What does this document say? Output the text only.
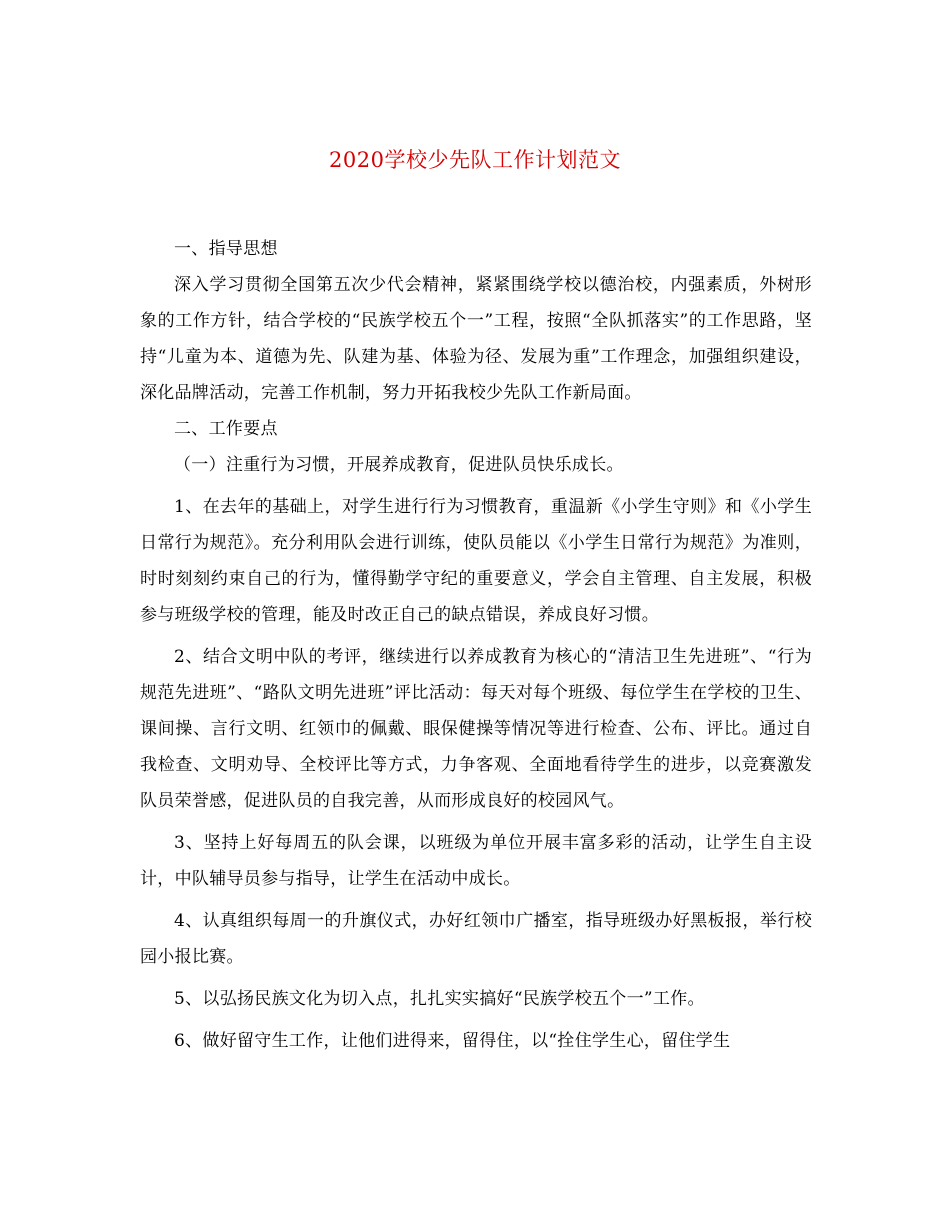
2020学校少先队工作计划范文

一、指导思想

深入学习贯彻全国第五次少代会精神，紧紧围绕学校以德治校，内强素质，外树形象的工作方针，结合学校的“民族学校五个一”工程，按照“全队抓落实”的工作思路，坚持“儿童为本、道德为先、队建为基、体验为径、发展为重”工作理念，加强组织建设，深化品牌活动，完善工作机制，努力开拓我校少先队工作新局面。

二、工作要点

（一）注重行为习惯，开展养成教育，促进队员快乐成长。

1、在去年的基础上，对学生进行行为习惯教育，重温新《小学生守则》和《小学生日常行为规范》。充分利用队会进行训练，使队员能以《小学生日常行为规范》为准则，时时刻刻约束自己的行为，懂得勤学守纪的重要意义，学会自主管理、自主发展，积极参与班级学校的管理，能及时改正自己的缺点错误，养成良好习惯。

2、结合文明中队的考评，继续进行以养成教育为核心的“清洁卫生先进班”、“行为规范先进班”、“路队文明先进班”评比活动：每天对每个班级、每位学生在学校的卫生、课间操、言行文明、红领巾的佩戴、眼保健操等情况等进行检查、公布、评比。通过自我检查、文明劝导、全校评比等方式，力争客观、全面地看待学生的进步，以竞赛激发队员荣誉感，促进队员的自我完善，从而形成良好的校园风气。

3、坚持上好每周五的队会课，以班级为单位开展丰富多彩的活动，让学生自主设计，中队辅导员参与指导，让学生在活动中成长。

4、认真组织每周一的升旗仪式，办好红领巾广播室，指导班级办好黑板报，举行校园小报比赛。

5、以弘扬民族文化为切入点，扎扎实实搞好“民族学校五个一”工作。

6、做好留守生工作，让他们进得来，留得住，以“拴住学生心，留住学生
